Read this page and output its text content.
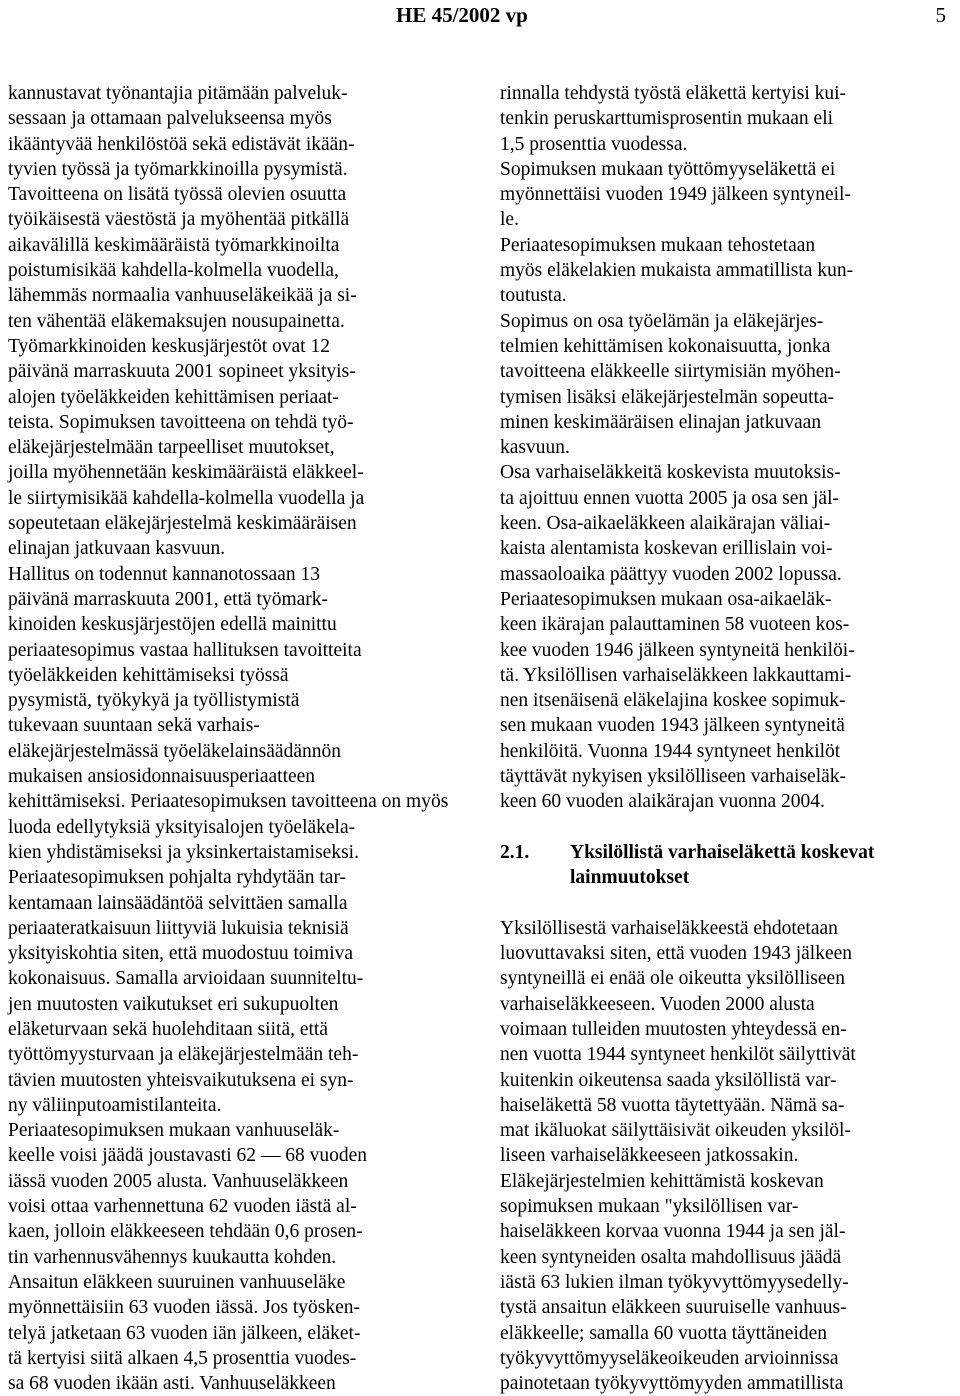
HE 45/2002 vp	5
kannustavat työnantajia pitämään palveluk-
sessaan ja ottamaan palvelukseensa myös
ikääntyvää henkilöstöä sekä edistävät ikään-
tyvien työssä ja työmarkkinoilla pysymistä.
Tavoitteena on lisätä työssä olevien osuutta
työikäisestä väestöstä ja myöhentää pitkällä
aikavälillä keskimääräistä työmarkkinoilta
poistumisikää kahdella-kolmella vuodella,
lähemmäs normaalia vanhuuseläkeikää ja si-
ten vähentää eläkemaksujen nousupainetta.
Työmarkkinoiden keskusjärjestöt ovat 12
päivänä marraskuuta 2001 sopineet yksityis-
alojen työeläkkeiden kehittämisen periaat-
teista. Sopimuksen tavoitteena on tehdä työ-
eläkejärjestelmään tarpeelliset muutokset,
joilla myöhennetään keskimääräistä eläkkeel-
le siirtymisikää kahdella-kolmella vuodella ja
sopeutetaan eläkejärjestelmä keskimääräisen
elinajan jatkuvaan kasvuun.
Hallitus on todennut kannanotossaan 13
päivänä marraskuuta 2001, että työmark-
kinoiden keskusjärjestöjen edellä mainittu
periaatesopimus vastaa hallituksen tavoitteita
työeläkkeiden kehittämiseksi työssä
pysymistä, työkykyä ja työllistymistä
tukevaan suuntaan sekä varhais-
eläkejärjestelmässä työeläkelainsäädännön
mukaisen ansiosidonnaisuusperiaatteen
kehittämiseksi. Periaatesopimuksen tavoitteena on myös
luoda edellytyksiä yksityisalojen työeläkela-
kien yhdistämiseksi ja yksinkertaistamiseksi.
Periaatesopimuksen pohjalta ryhdytään tar-
kentamaan lainsäädäntöä selvittäen samalla
periaateratkaisuun liittyviä lukuisia teknisiä
yksityiskohtia siten, että muodostuu toimiva
kokonaisuus. Samalla arvioidaan suunniteltu-
jen muutosten vaikutukset eri sukupuolten
eläketurvaan sekä huolehditaan siitä, että
työttömyysturvaan ja eläkejärjestelmään teh-
tävien muutosten yhteisvaikutuksena ei syn-
ny väliinputoamistilanteita.
Periaatesopimuksen mukaan vanhuuseläk-
keelle voisi jäädä joustavasti 62 — 68 vuoden
iässä vuoden 2005 alusta. Vanhuuseläkkeen
voisi ottaa varhennettuna 62 vuoden iästä al-
kaen, jolloin eläkkeeseen tehdään 0,6 prosen-
tin varhennusvähennys kuukautta kohden.
Ansaitun eläkkeen suuruinen vanhuuseläke
myönnettäisiin 63 vuoden iässä. Jos työsken-
telyä jatketaan 63 vuoden iän jälkeen, eläket-
tä kertyisi siitä alkaen 4,5 prosenttia vuodes-
sa 68 vuoden ikään asti. Vanhuuseläkkeen
rinnalla tehdystä työstä eläkettä kertyisi kui-
tenkin peruskarttumisprosentin mukaan eli
1,5 prosenttia vuodessa.
Sopimuksen mukaan työttömyyseläkettä ei
myönnettäisi vuoden 1949 jälkeen syntyneil-
le.
Periaatesopimuksen mukaan tehostetaan
myös eläkelakien mukaista ammatillista kun-
toutusta.
Sopimus on osa työelämän ja eläkejärjes-
telmien kehittämisen kokonaisuutta, jonka
tavoitteena eläkkeelle siirtymisiän myöhen-
tymisen lisäksi eläkejärjestelmän sopeutta-
minen keskimääräisen elinajan jatkuvaan
kasvuun.
Osa varhaiseläkkeitä koskevista muutoksis-
ta ajoittuu ennen vuotta 2005 ja osa sen jäl-
keen. Osa-aikaeläkkeen alaikärajan väliai-
kaista alentamista koskevan erillislain voi-
massaoloaika päättyy vuoden 2002 lopussa.
Periaatesopimuksen mukaan osa-aikaeläk-
keen ikärajan palauttaminen 58 vuoteen kos-
kee vuoden 1946 jälkeen syntyneitä henkilöi-
tä. Yksilöllisen varhaiseläkkeen lakkauttami-
nen itsenäisenä eläkelajina koskee sopimuk-
sen mukaan vuoden 1943 jälkeen syntyneitä
henkilöitä. Vuonna 1944 syntyneet henkilöt
täyttävät nykyisen yksilölliseen varhaiseläk-
keen 60 vuoden alaikärajan vuonna 2004.
2.1. Yksilöllistä varhaiseläkettä koskevat
lainmuutokset
Yksilöllisestä varhaiseläkkeestä ehdotetaan
luovuttavaksi siten, että vuoden 1943 jälkeen
syntyneillä ei enää ole oikeutta yksilölliseen
varhaiseläkkeeseen. Vuoden 2000 alusta
voimaan tulleiden muutosten yhteydessä en-
nen vuotta 1944 syntyneet henkilöt säilyttivät
kuitenkin oikeutensa saada yksilöllistä var-
haiseläkettä 58 vuotta täytettyään. Nämä sa-
mat ikäluokat säilyttäisivät oikeuden yksilöl-
liseen varhaiseläkkeeseen jatkossakin.
Eläkejärjestelmien kehittämistä koskevan
sopimuksen mukaan "yksilöllisen var-
haiseläkkeen korvaa vuonna 1944 ja sen jäl-
keen syntyneiden osalta mahdollisuus jäädä
iästä 63 lukien ilman työkyvyttömyysedelly-
tystä ansaitun eläkkeen suuruiselle vanhuus-
eläkkeelle; samalla 60 vuotta täyttäneiden
työkyvyttömyyseläkeoikeuden arvioinnissa
painotetaan työkyvyttömyyden ammatillista
